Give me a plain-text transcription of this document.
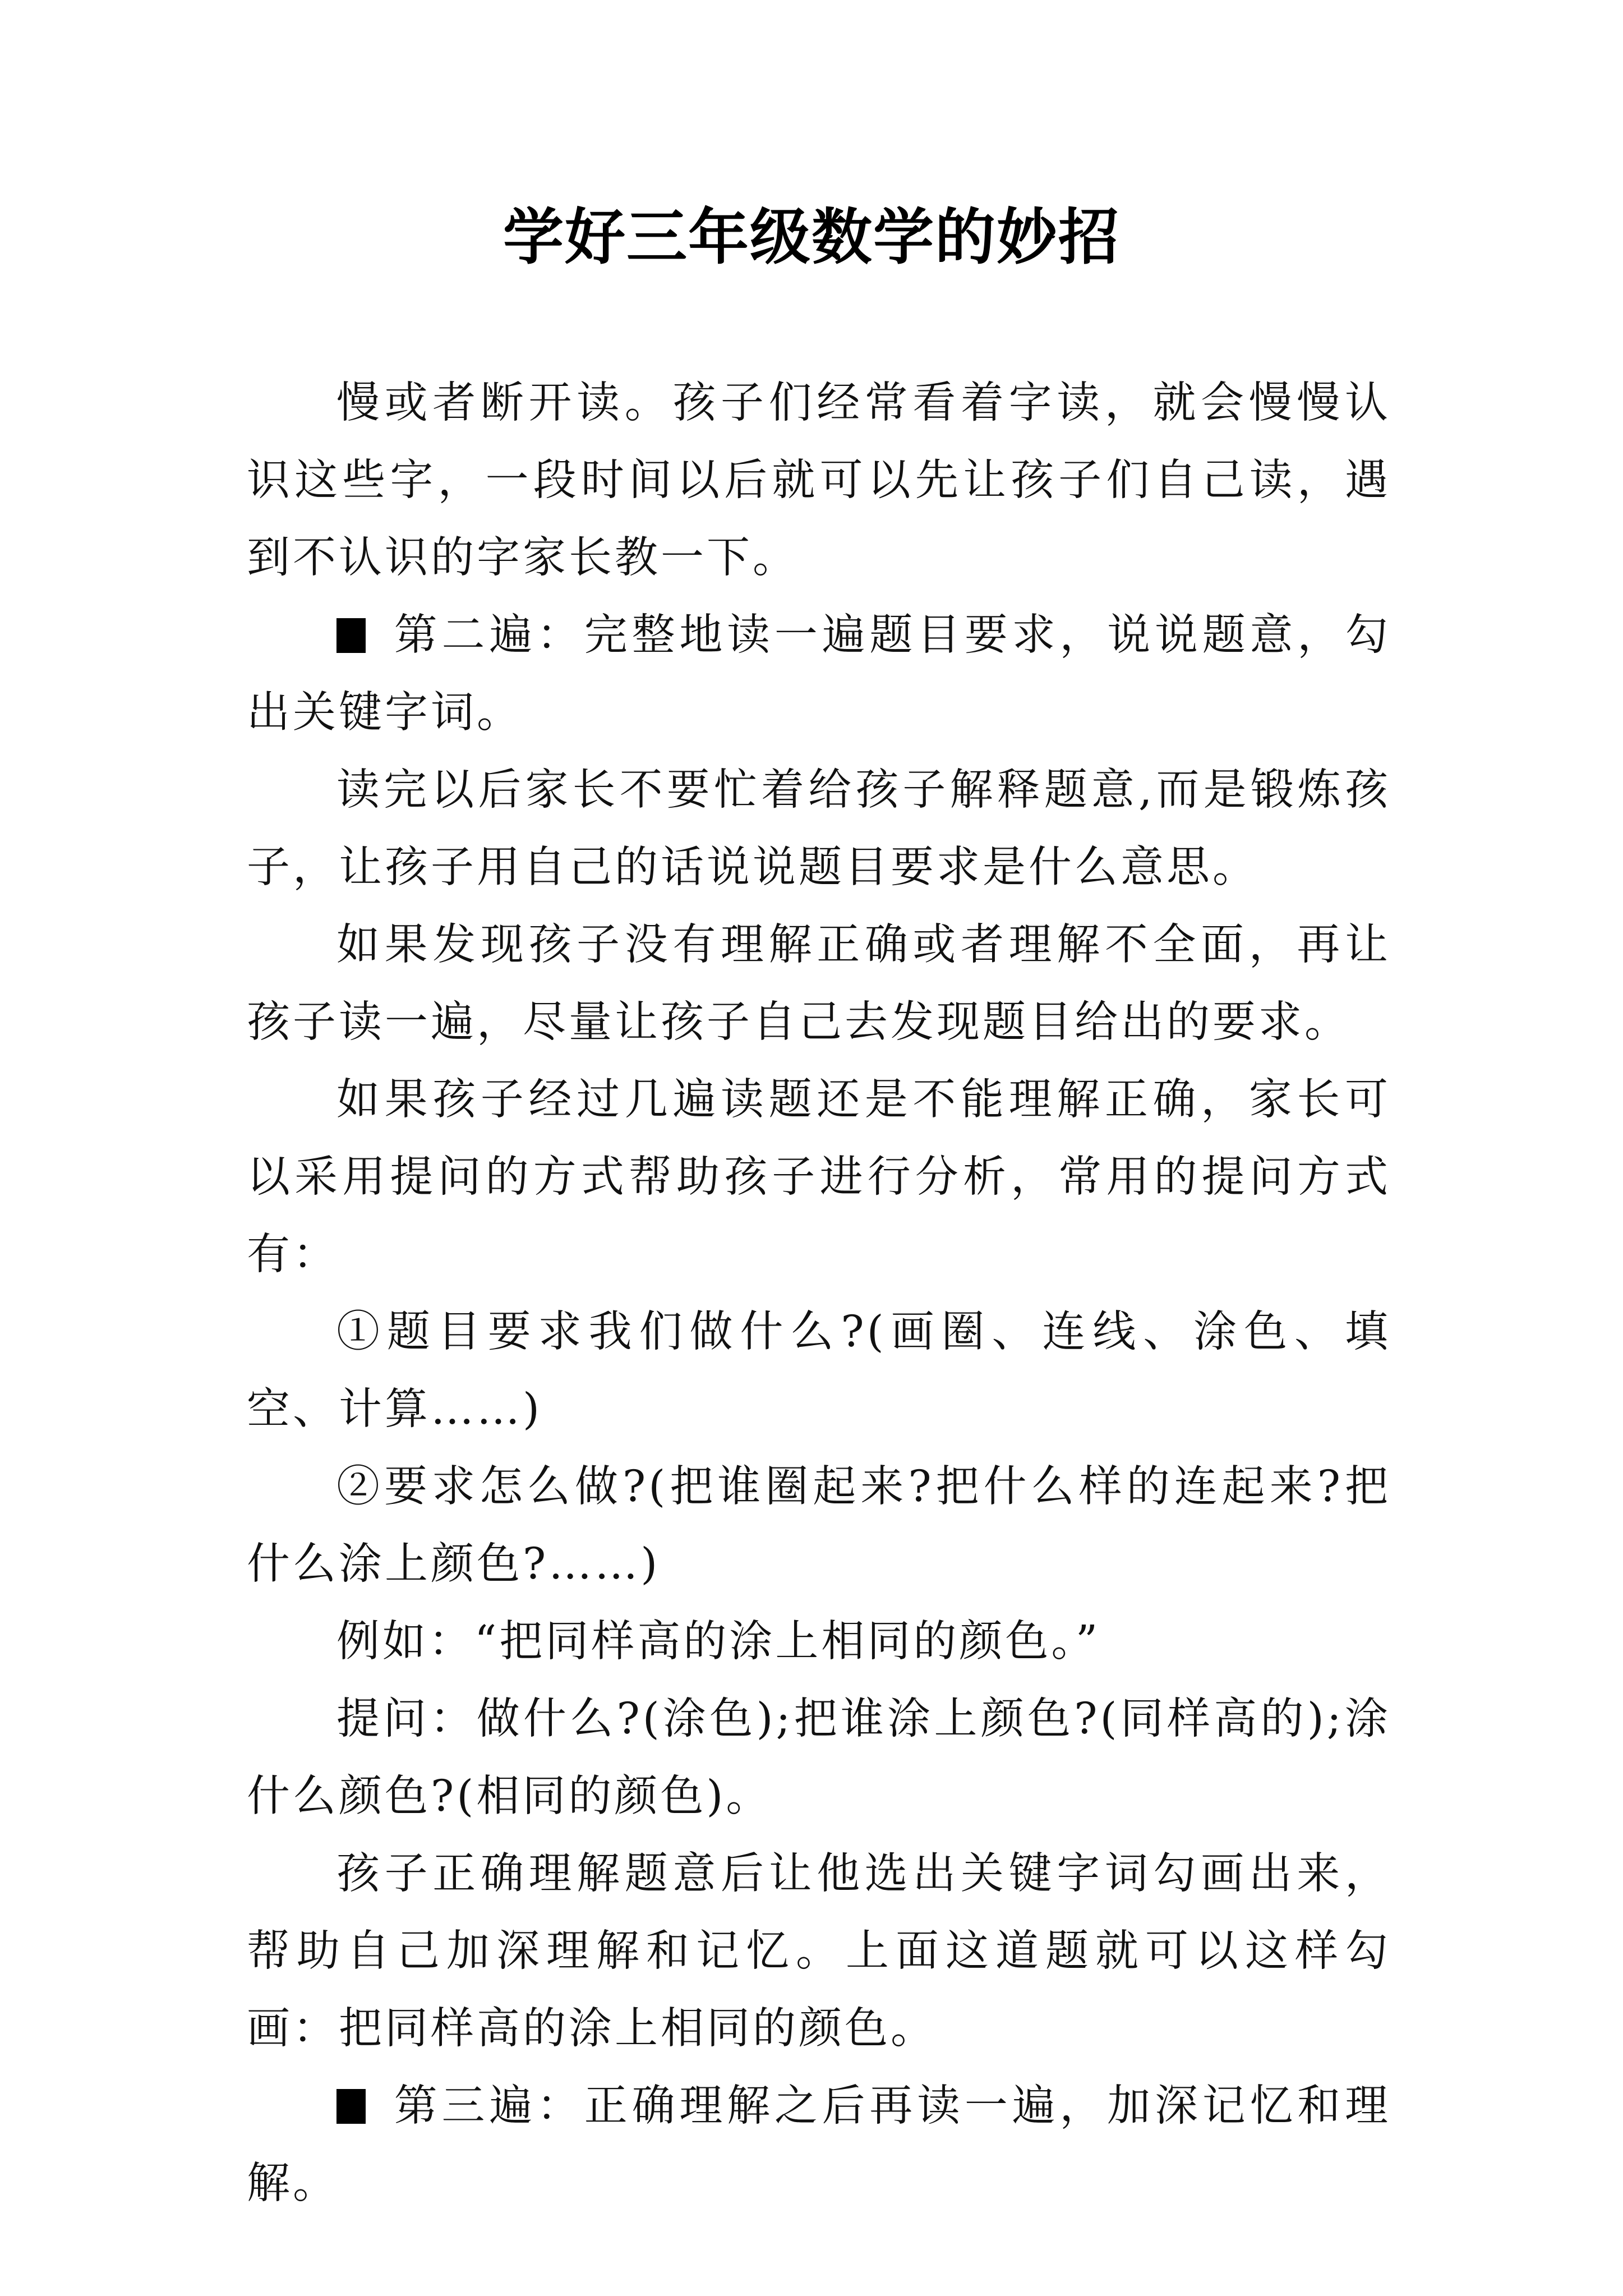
学好三年级数学的妙招

慢或者断开读。孩子们经常看着字读，就会慢慢认识这些字，一段时间以后就可以先让孩子们自己读，遇到不认识的字家长教一下。

第二遍：完整地读一遍题目要求，说说题意，勾出关键字词。

读完以后家长不要忙着给孩子解释题意,而是锻炼孩子，让孩子用自己的话说说题目要求是什么意思。

如果发现孩子没有理解正确或者理解不全面，再让孩子读一遍，尽量让孩子自己去发现题目给出的要求。

如果孩子经过几遍读题还是不能理解正确，家长可以采用提问的方式帮助孩子进行分析，常用的提问方式有：

①题目要求我们做什么?(画圈、连线、涂色、填空、计算……)

②要求怎么做?(把谁圈起来?把什么样的连起来?把什么涂上颜色?……)

例如：“把同样高的涂上相同的颜色。”

提问：做什么?(涂色);把谁涂上颜色?(同样高的);涂什么颜色?(相同的颜色)。

孩子正确理解题意后让他选出关键字词勾画出来，帮助自己加深理解和记忆。上面这道题就可以这样勾画：把同样高的涂上相同的颜色。

第三遍：正确理解之后再读一遍，加深记忆和理解。
